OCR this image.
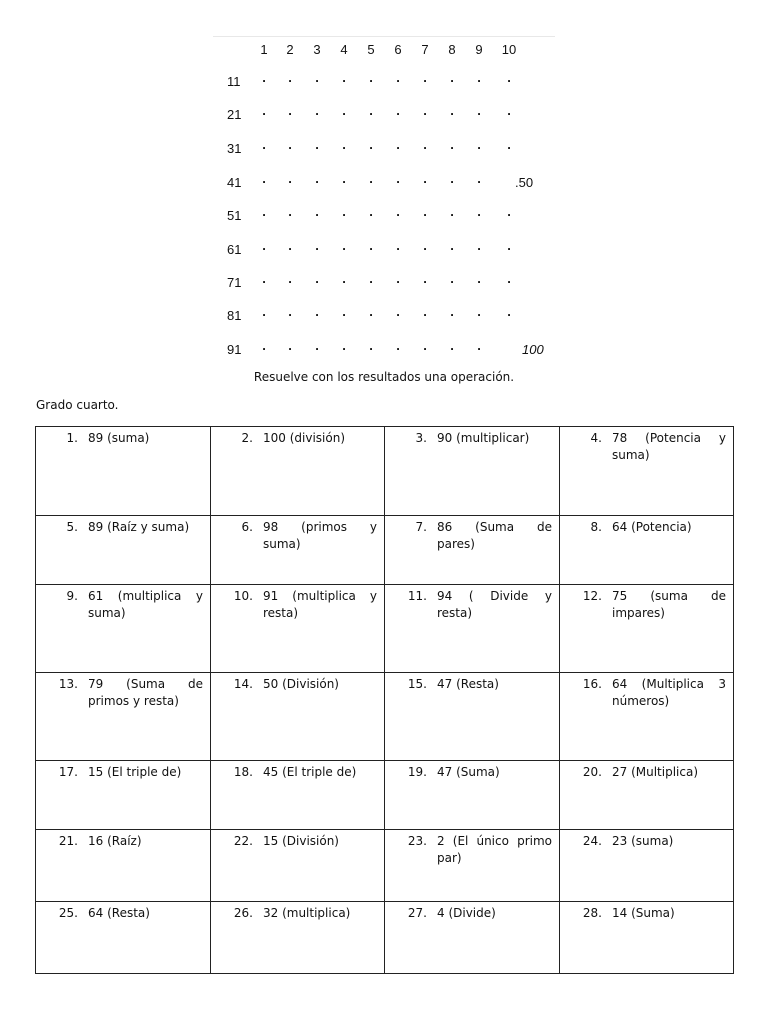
1	2	3	4	5	6	7	8	9	10
11 . . . . . . . . . .
21 . . . . . . . . . .
31 . . . . . . . . . .
41 . . . . . . . . .	.50
51 . . . . . . . . . .
61 . . . . . . . . . .
71 . . . . . . . . . .
81 . . . . . . . . . .
91 . . . . . . . . .	100
Resuelve con los resultados una operación.
Grado cuarto.
1. 89 (suma)	2. 100 (división)	3. 90 (multiplicar)	4. 78 (Potencia y suma)

5. 89 (Raíz y suma)	6. 98 (primos y suma)	7. 86 (Suma de pares)	8. 64 (Potencia)

9. 61 (multiplica y suma)	10. 91 (multiplica y resta)	11. 94 ( Divide y resta)	12. 75 (suma de impares)

13. 79 (Suma de primos y resta)	14. 50 (División)	15. 47 (Resta)	16. 64 (Multiplica 3 números)

17. 15 (El triple de)	18. 45 (El triple de)	19. 47 (Suma)	20. 27 (Multiplica)

21. 16 (Raíz)	22. 15 (División)	23. 2 (El único primo par)	24. 23 (suma)

25. 64 (Resta)	26. 32 (multiplica)	27. 4 (Divide)	28. 14 (Suma)
